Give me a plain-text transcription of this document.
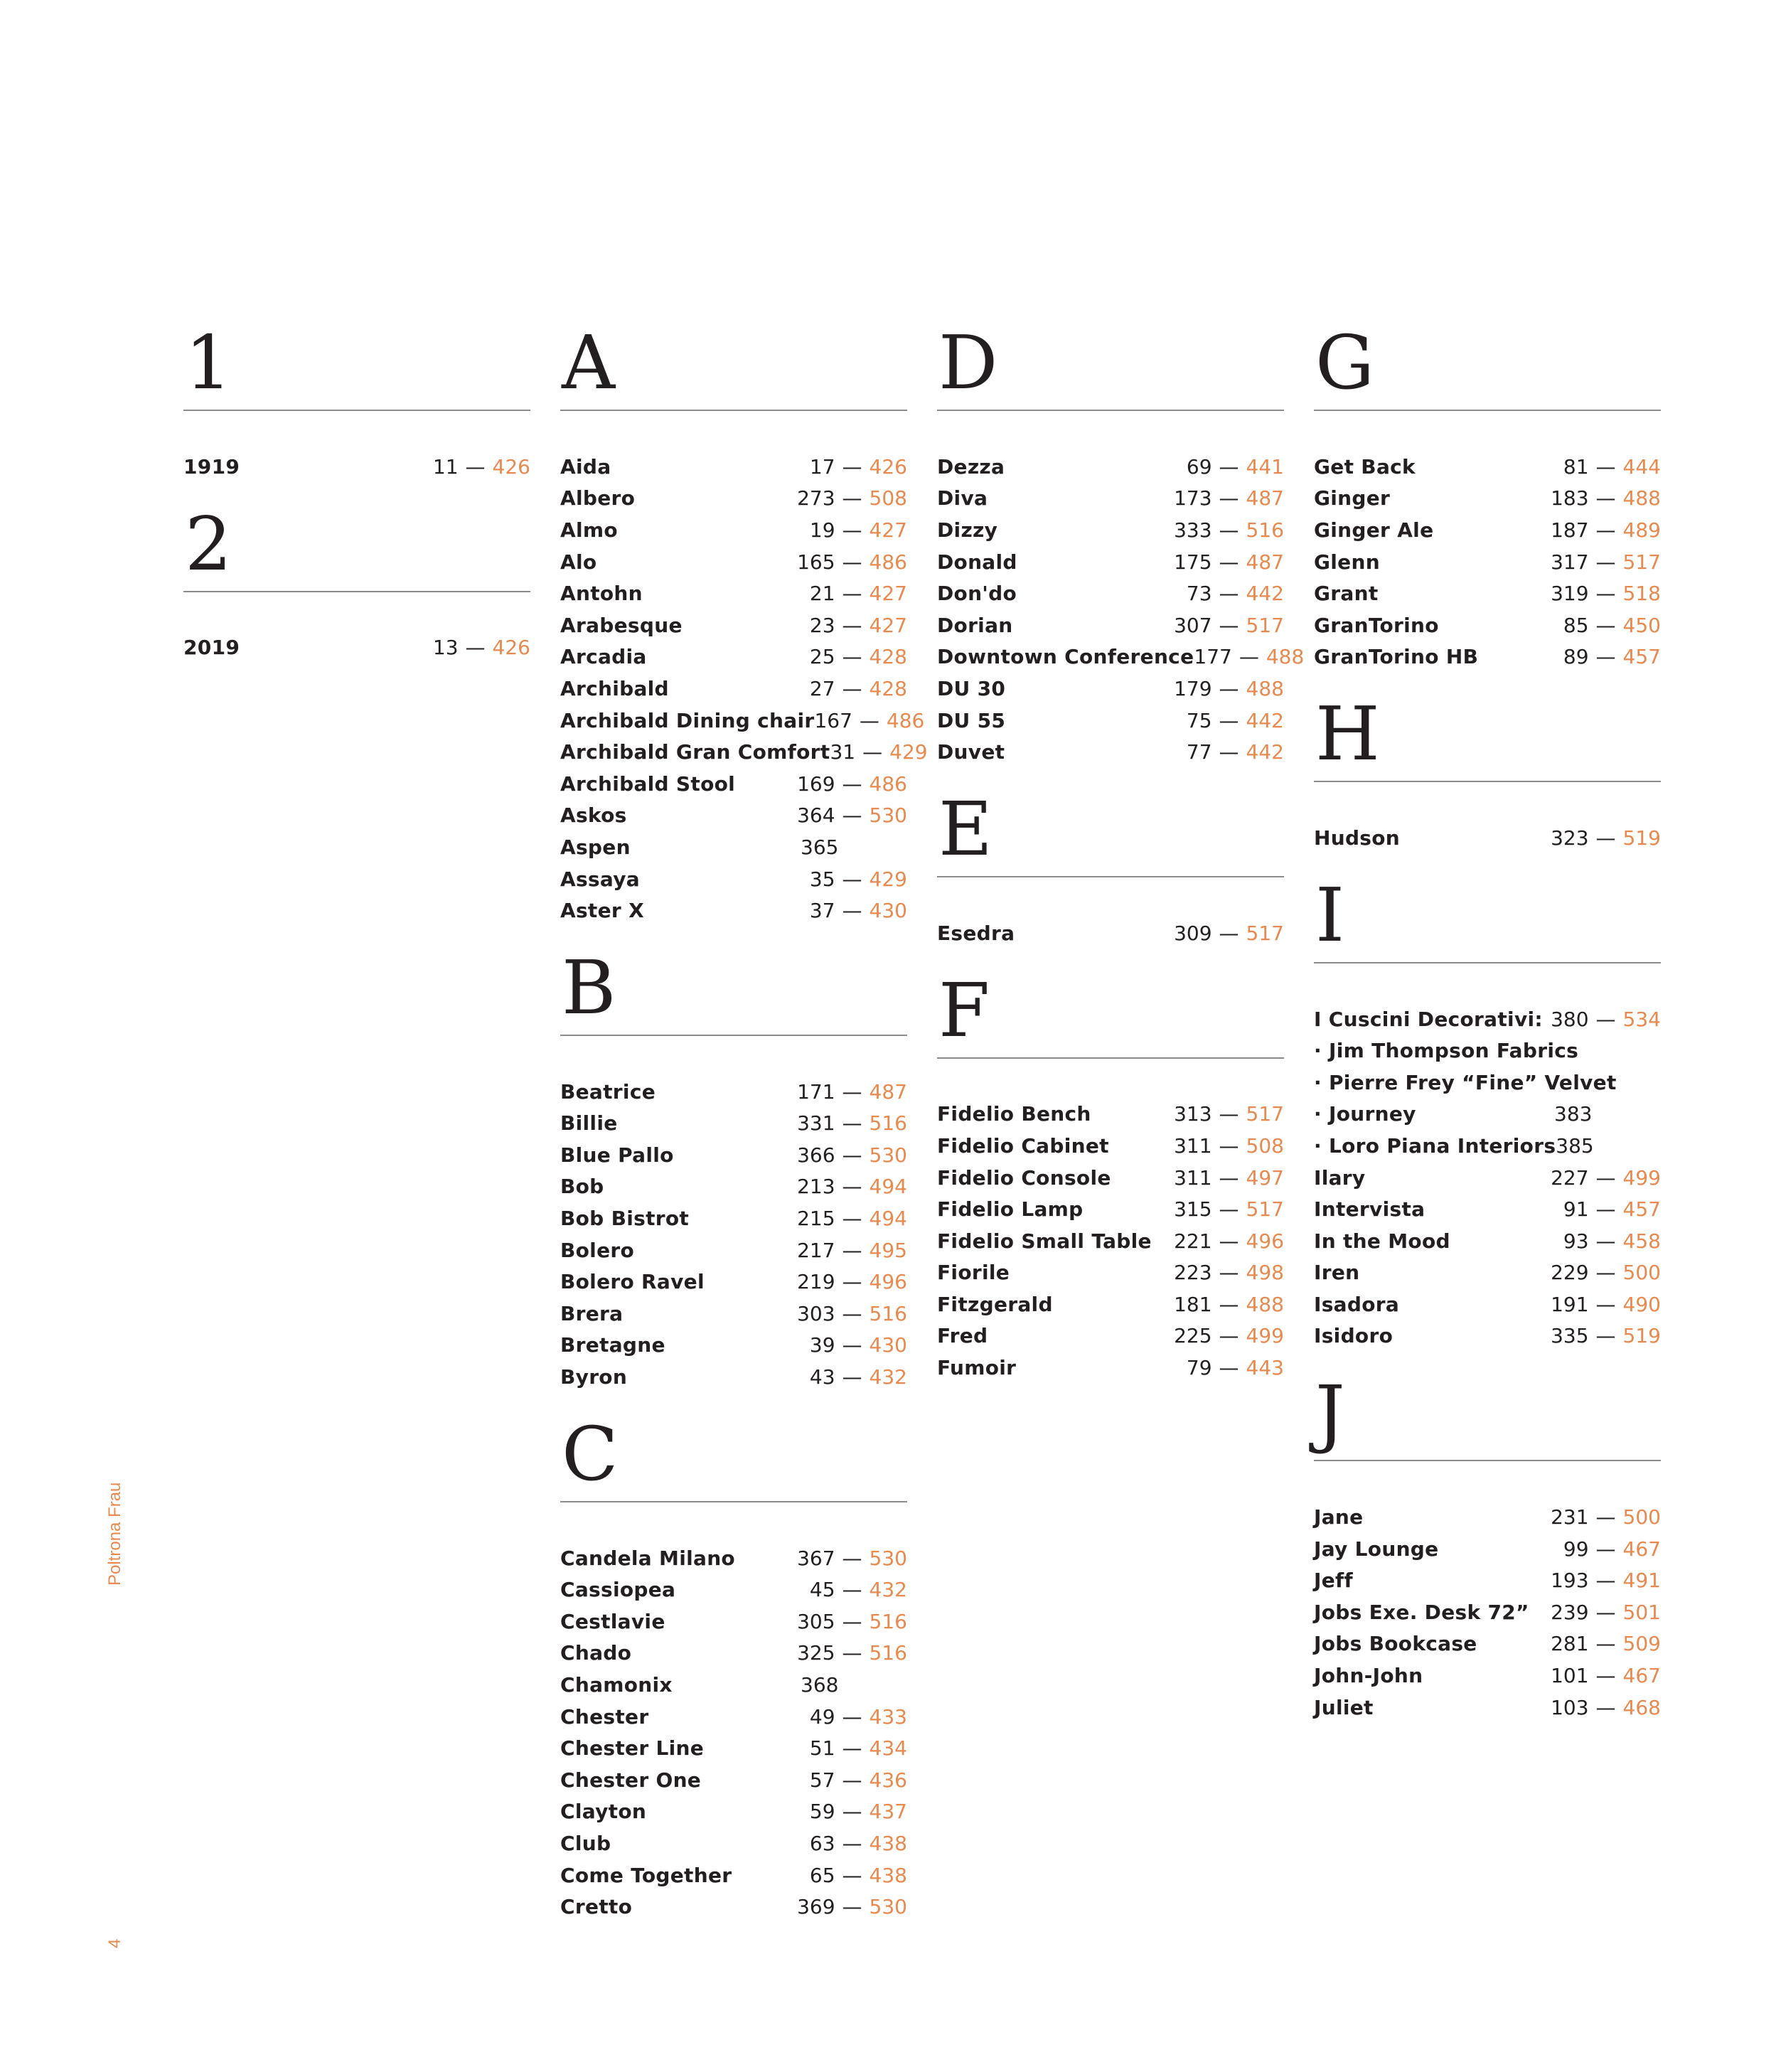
1
1919	11 — 426
2
2019	13 — 426
A
Aida	17 — 426
Albero	273 — 508
Almo	19 — 427
Alo	165 — 486
Antohn	21 — 427
Arabesque	23 — 427
Arcadia	25 — 428
Archibald	27 — 428
Archibald Dining chair 167 — 486
Archibald Gran Comfort 31 — 429
Archibald Stool	169 — 486
Askos	364 — 530
Aspen	365
Assaya	35 — 429
Aster X	37 — 430
B
Beatrice	171 — 487
Billie	331 — 516
Blue Pallo	366 — 530
Bob	213 — 494
Bob Bistrot	215 — 494
Bolero	217 — 495
Bolero Ravel	219 — 496
Brera	303 — 516
Bretagne	39 — 430
Byron	43 — 432
C
Candela Milano	367 — 530
Cassiopea	45 — 432
Cestlavie	305 — 516
Chado	325 — 516
Chamonix	368
Chester	49 — 433
Chester Line	51 — 434
Chester One	57 — 436
Clayton	59 — 437
Club	63 — 438
Come Together	65 — 438
Cretto	369 — 530
D
Dezza	69 — 441
Diva	173 — 487
Dizzy	333 — 516
Donald	175 — 487
Don'do	73 — 442
Dorian	307 — 517
Downtown Conference 177 — 488
DU 30	179 — 488
DU 55	75 — 442
Duvet	77 — 442
E
Esedra	309 — 517
F
Fidelio Bench	313 — 517
Fidelio Cabinet	311 — 508
Fidelio Console	311 — 497
Fidelio Lamp	315 — 517
Fidelio Small Table	221 — 496
Fiorile	223 — 498
Fitzgerald	181 — 488
Fred	225 — 499
Fumoir	79 — 443
G
Get Back	81 — 444
Ginger	183 — 488
Ginger Ale	187 — 489
Glenn	317 — 517
Grant	319 — 518
GranTorino	85 — 450
GranTorino HB	89 — 457
H
Hudson	323 — 519
I
I Cuscini Decorativi: 380 — 534
· Jim Thompson Fabrics
· Pierre Frey “Fine” Velvet
· Journey	383
· Loro Piana Interiors 385
Ilary	227 — 499
Intervista	91 — 457
In the Mood	93 — 458
Iren	229 — 500
Isadora	191 — 490
Isidoro	335 — 519
J
Jane	231 — 500
Jay Lounge	99 — 467
Jeff	193 — 491
Jobs Exe. Desk 72”	239 — 501
Jobs Bookcase	281 — 509
John-John	101 — 467
Juliet	103 — 468
Poltrona Frau
4
